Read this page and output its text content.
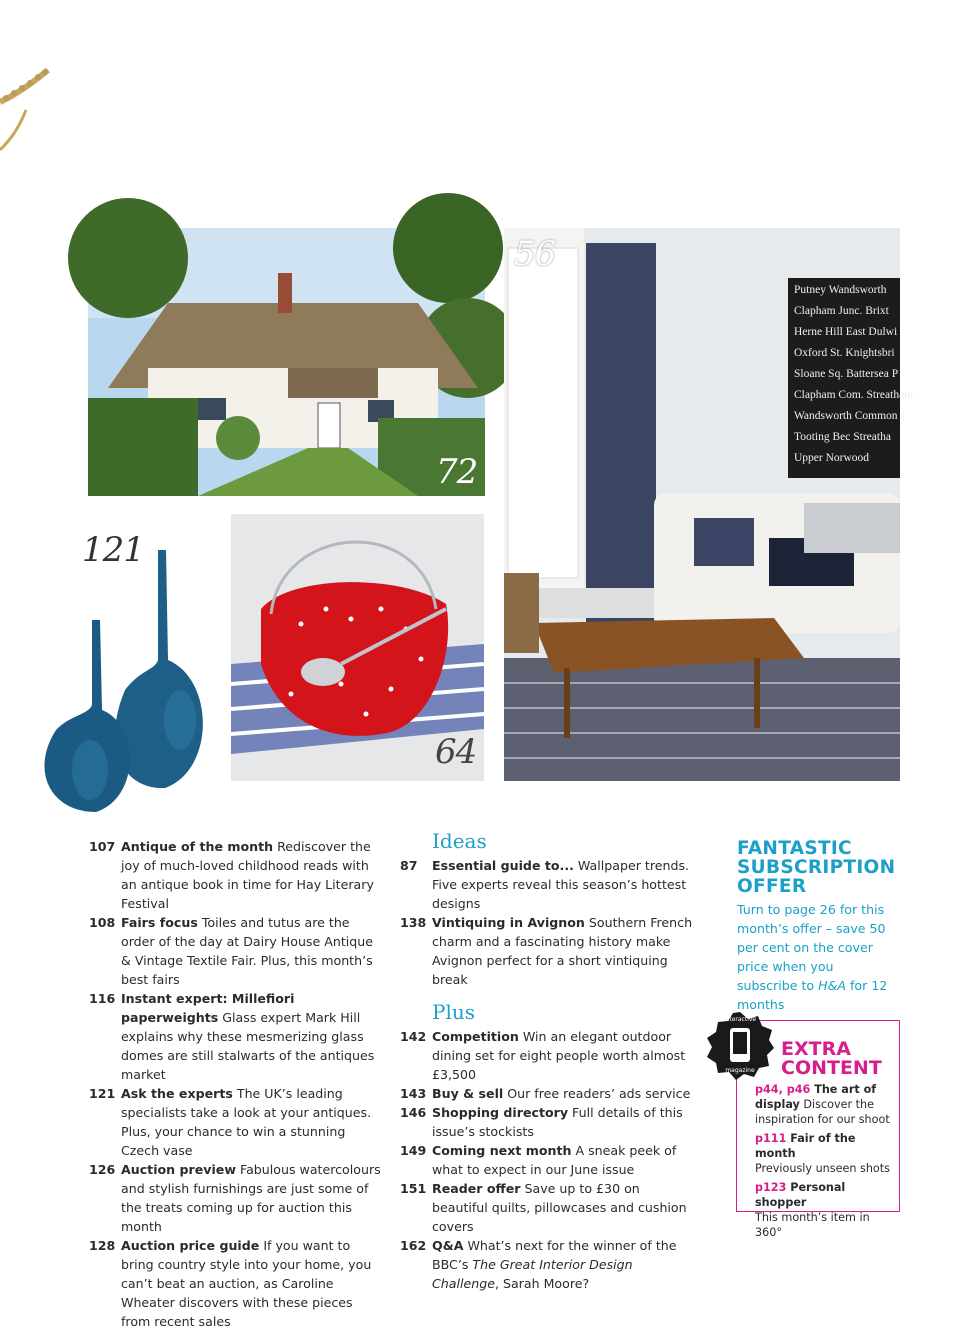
72
Putney Wandsworth
Clapham Junc. Brixt
Herne Hill East Dulwi
Oxford St. Knightsbri
Sloane Sq. Battersea P
Clapham Com. Streatham
Wandsworth Common
Tooting Bec Streatha
Upper Norwood
56
121
64
107 Antique of the month Rediscover the joy of much-loved childhood reads with an antique book in time for Hay Literary Festival
108 Fairs focus Toiles and tutus are the order of the day at Dairy House Antique & Vintage Textile Fair. Plus, this month’s best fairs
116 Instant expert: Millefiori paperweights Glass expert Mark Hill explains why these mesmerizing glass domes are still stalwarts of the antiques market
121 Ask the experts The UK’s leading specialists take a look at your antiques. Plus, your chance to win a stunning Czech vase
126 Auction preview Fabulous watercolours and stylish furnishings are just some of the treats coming up for auction this month
128 Auction price guide If you want to bring country style into your home, you can’t beat an auction, as Caroline Wheater discovers with these pieces from recent sales
Ideas
87 Essential guide to... Wallpaper trends. Five experts reveal this season’s hottest designs
138 Vintiquing in Avignon Southern French charm and a fascinating history make Avignon perfect for a short vintiquing break
Plus
142 Competition Win an elegant outdoor dining set for eight people worth almost £3,500
143 Buy & sell Our free readers’ ads service
146 Shopping directory Full details of this issue’s stockists
149 Coming next month A sneak peek of what to expect in our June issue
151 Reader offer Save up to £30 on beautiful quilts, pillowcases and cushion covers
162 Q&A What’s next for the winner of the BBC’s The Great Interior Design Challenge, Sarah Moore?
FANTASTIC
SUBSCRIPTION
OFFER
Turn to page 26 for this month’s offer – save 50 per cent on the cover price when you subscribe to H&A for 12 months
interactive
magazine
EXTRA
CONTENT
p44, p46 The art of display Discover the inspiration for our shoot
p111 Fair of the month
Previously unseen shots
p123 Personal shopper
This month’s item in 360°
